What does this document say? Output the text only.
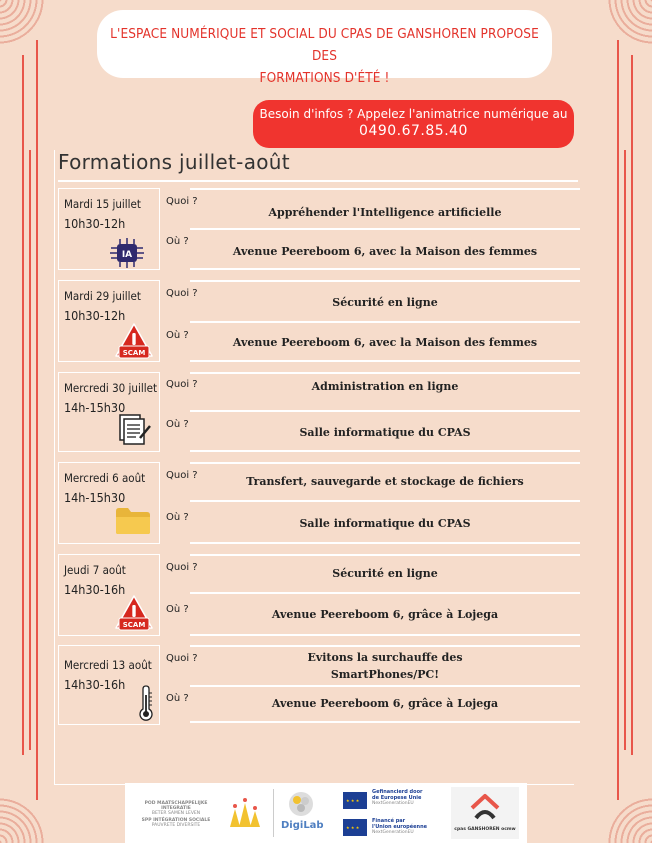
L'ESPACE NUMÉRIQUE ET SOCIAL DU CPAS DE GANSHOREN PROPOSE DES
FORMATIONS D'ÉTÉ !
Besoin d'infos ? Appelez l'animatrice numérique au
0490.67.85.40
Formations juillet-août
Mardi 15 juillet
10h30-12h
IA
Quoi ?
Appréhender l'Intelligence artificielle
Où ?
Avenue Peereboom 6, avec la Maison des femmes
Mardi 29 juillet
10h30-12h
SCAM
Quoi ?
Sécurité en ligne
Où ?
Avenue Peereboom 6, avec la Maison des femmes
Mercredi 30 juillet
14h-15h30
Quoi ?	Administration en ligne
Où ?
Salle informatique du CPAS
Mercredi 6 août
14h-15h30
Quoi ?	Transfert, sauvegarde et stockage de fichiers
Où ?	Salle informatique du CPAS
Jeudi 7 août
14h30-16h
SCAM
Quoi ?	Sécurité en ligne
Où ?	Avenue Peereboom 6, grâce à Lojega
Mercredi 13 août
14h30-16h
Quoi ?	Evitons la surchauffe des
SmartPhones/PC!
Où ?	Avenue Peereboom 6, grâce à Lojega
POD MAATSCHAPPELIJKE INTEGRATIE
BETER SAMEN LEVEN
SPP INTÉGRATION SOCIALE
PAUVRETE DIVERSITE	DigiLab
★ ★ ★
Gefinancierd door
de Europese Unie
NextGenerationEU
★ ★ ★
Financé par
l'Union européenne
NextGenerationEU
cpas GANSHOREN ocmw
